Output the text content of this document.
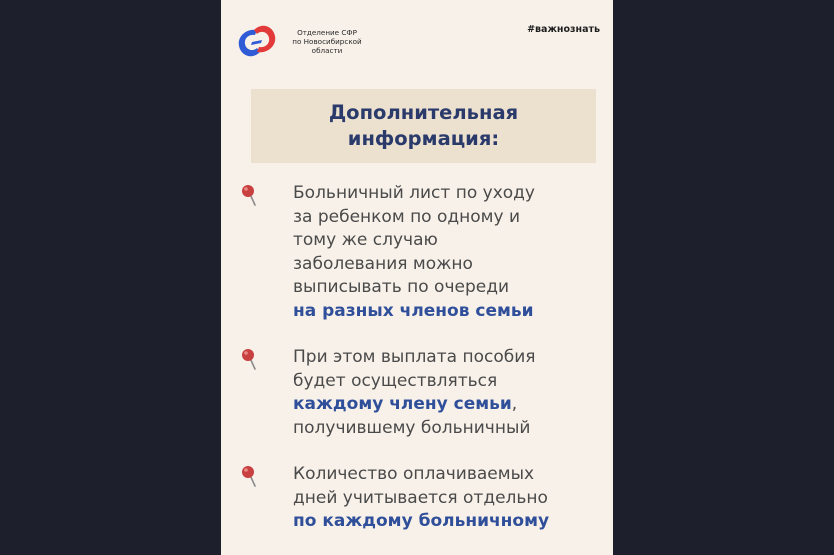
Отделение СФР
по Новосибирской
области
#важнознать
Дополнительная
информация:
Больничный лист по уходу
за ребенком по одному и
тому же случаю
заболевания можно
выписывать по очереди
на разных членов семьи
При этом выплата пособия
будет осуществляться
каждому члену семьи,
получившему больничный
Количество оплачиваемых
дней учитывается отдельно
по каждому больничному
